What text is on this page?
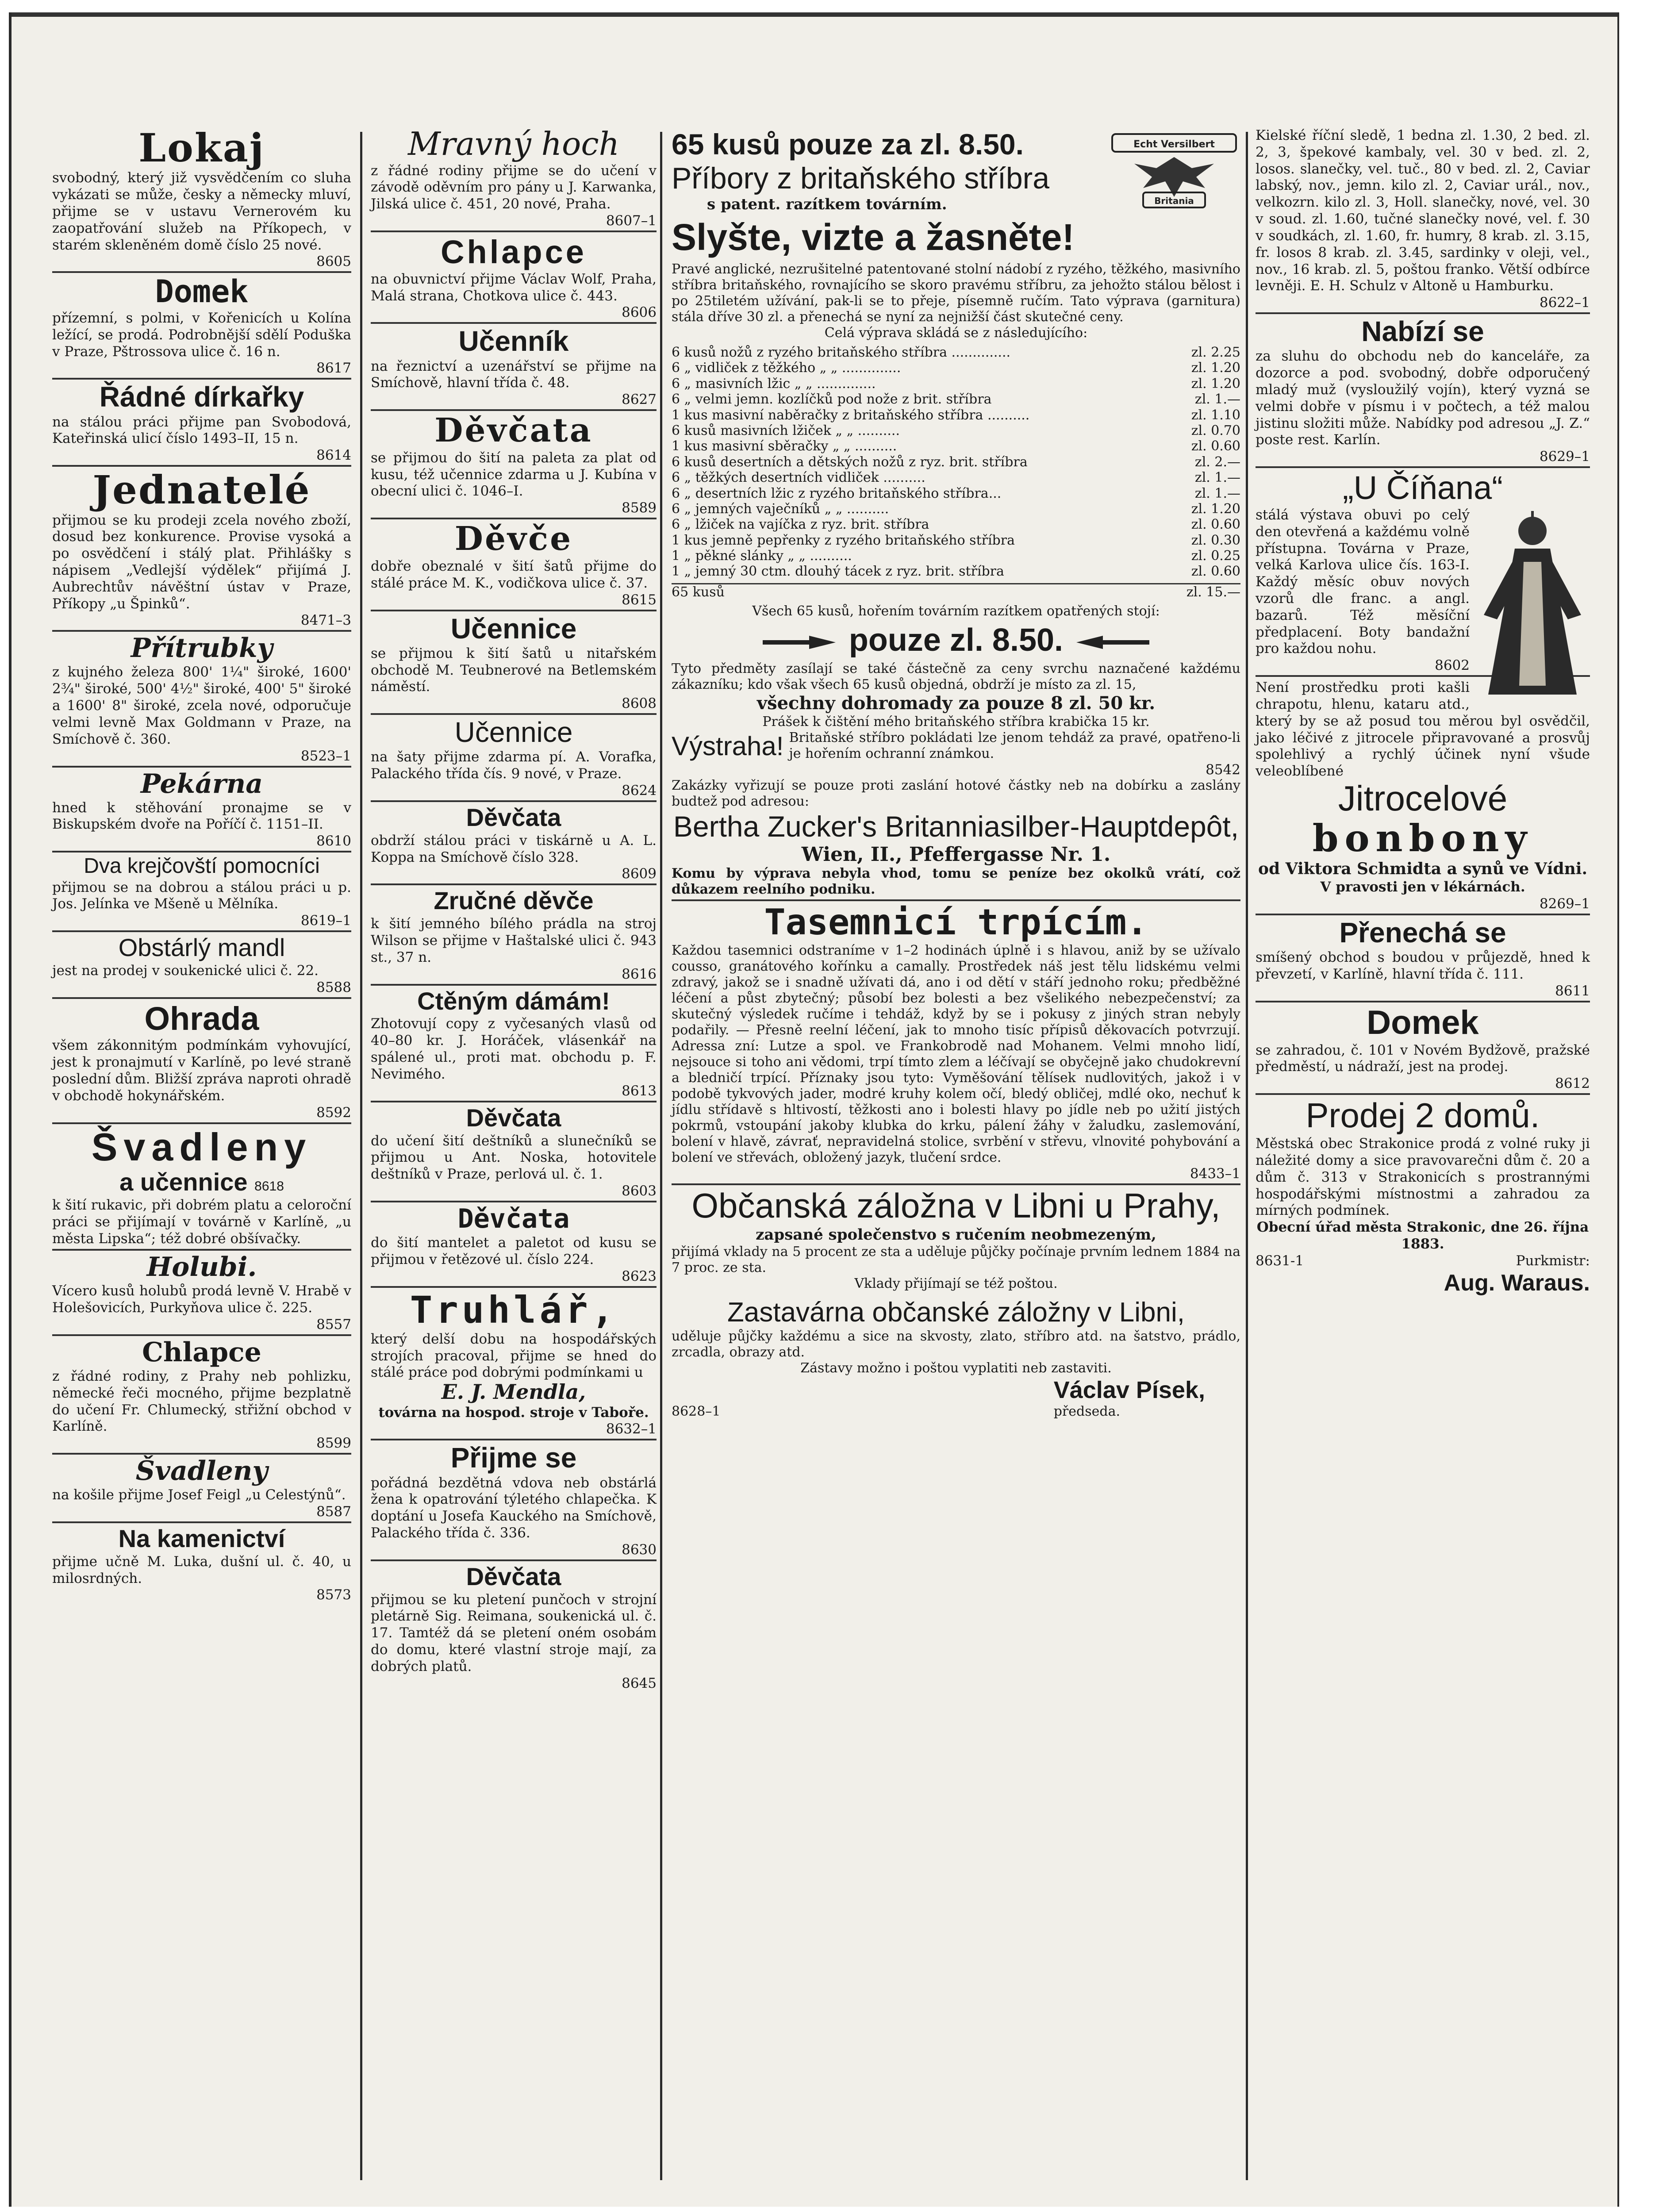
Lokaj

svobodný, který již vysvědčením co sluha vykázati se může, česky a německy mluví, přijme se v ustavu Vernerovém ku zaopatřování služeb na Příkopech, v starém skleněném domě číslo 25 nové.

8605

Domek

přízemní, s polmi, v Kořenicích u Kolína ležící, se prodá. Podrobnější sdělí Poduška v Praze, Pštrossova ulice č. 16 n.

8617

Řádné dírkařky

na stálou práci přijme pan Svobodová, Kateřinská ulicí číslo 1493–II, 15 n.

8614

Jednatelé

přijmou se ku prodeji zcela nového zboží, dosud bez konkurence. Provise vysoká a po osvědčení i stálý plat. Přihlášky s nápisem „Vedlejší výdělek“ přijímá J. Aubrechtův návěštní ústav v Praze, Příkopy „u Špinků“.

8471–3

Přítrubky

z kujného železa 800' 1¼" široké, 1600' 2¾" široké, 500' 4½" široké, 400' 5" široké a 1600' 8" široké, zcela nové, odporučuje velmi levně Max Goldmann v Praze, na Smíchově č. 360.

8523–1

Pekárna

hned k stěhování pronajme se v Biskupském dvoře na Poříčí č. 1151–II.

8610

Dva krejčovští pomocníci

přijmou se na dobrou a stálou práci u p. Jos. Jelínka ve Mšeně u Mělníka.

8619–1

Obstárlý mandl

jest na prodej v soukenické ulici č. 22.

8588

Ohrada

všem zákonnitým podmínkám vyhovující, jest k pronajmutí v Karlíně, po levé straně poslední dům. Bližší zpráva naproti ohradě v obchodě hokynářském.

8592

Švadleny
a učennice 8618

k šití rukavic, při dobrém platu a celoroční práci se přijímají v továrně v Karlíně, „u města Lipska“; též dobré obšívačky.

Holubi.

Vícero kusů holubů prodá levně V. Hrabě v Holešovicích, Purkyňova ulice č. 225.

8557

Chlapce

z řádné rodiny, z Prahy neb pohlizku, německé řeči mocného, přijme bezplatně do učení Fr. Chlumecký, střižní obchod v Karlíně.

8599

Švadleny

na košile přijme Josef Feigl „u Celestýnů“.

8587

Na kamenictví

přijme učně M. Luka, dušní ul. č. 40, u milosrdných.

8573

Mravný hoch

z řádné rodiny přijme se do učení v závodě oděvním pro pány u J. Karwanka, Jilská ulice č. 451, 20 nové, Praha.

8607–1

Chlapce

na obuvnictví přijme Václav Wolf, Praha, Malá strana, Chotkova ulice č. 443.

8606

Učenník

na řeznictví a uzenářství se přijme na Smíchově, hlavní třída č. 48.

8627

Děvčata

se přijmou do šití na paleta za plat od kusu, též učennice zdarma u J. Kubína v obecní ulici č. 1046–I.

8589

Děvče

dobře obeznalé v šití šatů přijme do stálé práce M. K., vodičkova ulice č. 37.

8615

Učennice

se přijmou k šití šatů u nitařském obchodě M. Teubnerové na Betlemském náměstí.

8608

Učennice

na šaty přijme zdarma pí. A. Vorafka, Palackého třída čís. 9 nové, v Praze.

8624

Děvčata

obdrží stálou práci v tiskárně u A. L. Koppa na Smíchově číslo 328.

8609

Zručné děvče

k šití jemného bílého prádla na stroj Wilson se přijme v Haštalské ulici č. 943 st., 37 n.

8616

Ctěným dámám!

Zhotovují copy z vyčesaných vlasů od 40–80 kr. J. Horáček, vlásenkář na spálené ul., proti mat. obchodu p. F. Nevimého.

8613

Děvčata

do učení šití deštníků a slunečníků se přijmou u Ant. Noska, hotovitele deštníků v Praze, perlová ul. č. 1.

8603

Děvčata

do šití mantelet a paletot od kusu se přijmou v řetězové ul. číslo 224.

8623

Truhlář,

který delší dobu na hospodářských strojích pracoval, přijme se hned do stálé práce pod dobrými podmínkami u

E. J. Mendla,

továrna na hospod. stroje v Taboře.

8632–1

Přijme se

pořádná bezdětná vdova neb obstárlá žena k opatrování týletého chlapečka. K doptání u Josefa Kauckého na Smíchově, Palackého třída č. 336.

8630

Děvčata

přijmou se ku pletení punčoch v strojní pletárně Sig. Reimana, soukenická ul. č. 17. Tamtéž dá se pletení oném osobám do domu, které vlastní stroje mají, za dobrých platů.

8645

65 kusů pouze za zl. 8.50.
Příbory z britaňského stříbra
s patent. razítkem továrním.
Echt Versilbert
Britania
Slyšte, vizte a žasněte!

Pravé anglické, nezrušitelné patentované stolní nádobí z ryzého, těžkého, masivního stříbra britaňského, rovnajícího se skoro pravému stříbru, za jehožto stálou bělost i po 25tiletém užívání, pak-li se to přeje, písemně ručím. Tato výprava (garnitura) stála dříve 30 zl. a přenechá se nyní za nejnižší část skutečné ceny.

Celá výprava skládá se z následujícího:

6 kusů nožů z ryzého britaňského stříbra ..............	zl. 2.25
6 „ vidliček z těžkého „ „ ..............	zl. 1.20
6 „ masivních lžic „ „ ..............	zl. 1.20
6 „ velmi jemn. kozlíčků pod nože z brit. stříbra	zl. 1.—
1 kus masivní naběračky z britaňského stříbra ..........	zl. 1.10
6 kusů masivních lžiček „ „ ..........	zl. 0.70
1 kus masivní sběračky „ „ ..........	zl. 0.60
6 kusů desertních a dětských nožů z ryz. brit. stříbra	zl. 2.—
6 „ těžkých desertních vidliček ..........	zl. 1.—
6 „ desertních lžic z ryzého britaňského stříbra...	zl. 1.—
6 „ jemných vaječníků „ „ ..........	zl. 1.20
6 „ lžiček na vajíčka z ryz. brit. stříbra	zl. 0.60
1 kus jemně pepřenky z ryzého britaňského stříbra	zl. 0.30
1 „ pěkné slánky „ „ ..........	zl. 0.25
1 „ jemný 30 ctm. dlouhý tácek z ryz. brit. stříbra	zl. 0.60
65 kusů	zl. 15.—

Všech 65 kusů, hořením továrním razítkem opatřených stojí:

pouze zl. 8.50.

Tyto předměty zasílají se také částečně za ceny svrchu naznačené každému zákazníku; kdo však všech 65 kusů objedná, obdrží je místo za zl. 15,

všechny dohromady za pouze 8 zl. 50 kr.

Prášek k čištění mého britaňského stříbra krabička 15 kr.

Výstraha! Britaňské stříbro pokládati lze jenom tehdáž za pravé, opatřeno-li je hořením ochranní známkou.

8542

Zakázky vyřizují se pouze proti zaslání hotové částky neb na dobírku a zaslány budtež pod adresou:

Bertha Zucker's Britanniasilber-Hauptdepôt,
Wien, II., Pfeffergasse Nr. 1.

Komu by výprava nebyla vhod, tomu se peníze bez okolků vrátí, což důkazem reelního podniku.

Tasemnicí trpícím.

Každou tasemnici odstraníme v 1–2 hodinách úplně i s hlavou, aniž by se užívalo cousso, granátového kořínku a camally. Prostředek náš jest tělu lidskému velmi zdravý, jakož se i snadně užívati dá, ano i od dětí v stáří jednoho roku; předběžné léčení a půst zbytečný; působí bez bolesti a bez všelikého nebezpečenství; za skutečný výsledek ručíme i tehdáž, když by se i pokusy z jiných stran nebyly podařily. — Přesně reelní léčení, jak to mnoho tisíc přípisů děkovacích potvrzují. Adressa zní: Lutze a spol. ve Frankobrodě nad Mohanem. Velmi mnoho lidí, nejsouce si toho ani vědomi, trpí tímto zlem a léčívají se obyčejně jako chudokrevní a bledničí trpící. Příznaky jsou tyto: Vyměšování tělísek nudlovitých, jakož i v podobě tykvových jader, modré kruhy kolem očí, bledý obličej, mdlé oko, nechuť k jídlu střídavě s hltivostí, těžkosti ano i bolesti hlavy po jídle neb po užití jistých pokrmů, vstoupání jakoby klubka do krku, pálení žáhy v žaludku, zaslemování, bolení v hlavě, závrať, nepravidelná stolice, svrbění v střevu, vlnovité pohybování a bolení ve střevách, obložený jazyk, tlučení srdce.

8433–1

Občanská záložna v Libni u Prahy,

zapsané společenstvo s ručením neobmezeným,

přijímá vklady na 5 procent ze sta a uděluje půjčky počínaje prvním lednem 1884 na 7 proc. ze sta.

Vklady přijímají se též poštou.

Zastavárna občanské záložny v Libni,

uděluje půjčky každému a sice na skvosty, zlato, stříbro atd. na šatstvo, prádlo, zrcadla, obrazy atd.

Zástavy možno i poštou vyplatiti neb zastaviti.

8628–1
Václav Písek,
předseda.

Kielské říční sledě, 1 bedna zl. 1.30, 2 bed. zl. 2, 3, špekové kambaly, vel. 30 v bed. zl. 2, losos. slanečky, vel. tuč., 80 v bed. zl. 2, Caviar labský, nov., jemn. kilo zl. 2, Caviar urál., nov., velkozrn. kilo zl. 3, Holl. slanečky, nové, vel. 30 v soud. zl. 1.60, tučné slanečky nové, vel. f. 30 v soudkách, zl. 1.60, fr. humry, 8 krab. zl. 3.15, fr. losos 8 krab. zl. 3.45, sardinky v oleji, vel., nov., 16 krab. zl. 5, poštou franko. Větší odbírce levněji. E. H. Schulz v Altoně u Hamburku.

8622–1

Nabízí se

za sluhu do obchodu neb do kanceláře, za dozorce a pod. svobodný, dobře odporučený mladý muž (vysloužilý vojín), který vyzná se velmi dobře v písmu i v počtech, a též malou jistinu složiti může. Nabídky pod adresou „J. Z.“ poste rest. Karlín.

8629–1

„U Číňana“

stálá výstava obuvi po celý den otevřená a každému volně přístupna. Továrna v Praze, velká Karlova ulice čís. 163-I. Každý měsíc obuv nových vzorů dle franc. a angl. bazarů. Též měsíční předplacení. Boty bandažní pro každou nohu.

8602

Není prostředku proti kašli chrapotu, hlenu, kataru atd., který by se až posud tou měrou byl osvědčil, jako léčivé z jitrocele připravované a prosvůj spolehlivý a rychlý účinek nyní všude veleoblíbené

Jitrocelové
bonbony

od Viktora Schmidta a synů ve Vídni.

V pravosti jen v lékárnách.

8269–1

Přenechá se

smíšený obchod s boudou v průjezdě, hned k převzetí, v Karlíně, hlavní třída č. 111.

8611

Domek

se zahradou, č. 101 v Novém Bydžově, pražské předměstí, u nádraží, jest na prodej.

8612

Prodej 2 domů.

Městská obec Strakonice prodá z volné ruky ji náležité domy a sice pravovarečni dům č. 20 a dům č. 313 v Strakonicích s prostrannými hospodářskými místnostmi a zahradou za mírných podmínek.

Obecní úřad města Strakonic, dne 26. října 1883.

8631-1	Purkmistr:
Aug. Waraus.
